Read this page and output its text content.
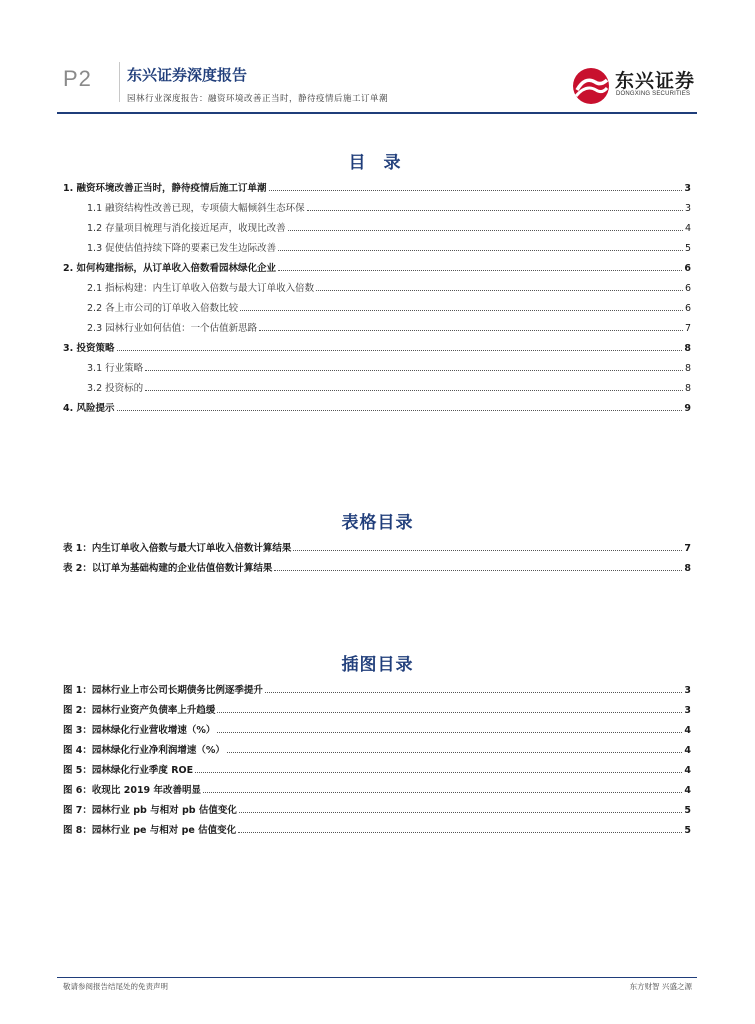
P2 东兴证券深度报告
园林行业深度报告：融资环境改善正当时，静待疫情后施工订单潮
东兴证券
DONGXING SECURITIES
目 录
1. 融资环境改善正当时，静待疫情后施工订单潮	3
1.1 融资结构性改善已现，专项债大幅倾斜生态环保	3
1.2 存量项目梳理与消化接近尾声，收现比改善	4
1.3 促使估值持续下降的要素已发生边际改善	5
2. 如何构建指标，从订单收入倍数看园林绿化企业	6
2.1 指标构建：内生订单收入倍数与最大订单收入倍数	6
2.2 各上市公司的订单收入倍数比较	6
2.3 园林行业如何估值：一个估值新思路	7
3. 投资策略	8
3.1 行业策略	8
3.2 投资标的	8
4. 风险提示	9
表格目录
表 1：内生订单收入倍数与最大订单收入倍数计算结果	7
表 2：以订单为基础构建的企业估值倍数计算结果	8
插图目录
图 1：园林行业上市公司长期债务比例逐季提升	3
图 2：园林行业资产负债率上升趋缓	3
图 3：园林绿化行业营收增速（%）	4
图 4：园林绿化行业净利润增速（%）	4
图 5：园林绿化行业季度 ROE	4
图 6：收现比 2019 年改善明显	4
图 7：园林行业 pb 与相对 pb 估值变化	5
图 8：园林行业 pe 与相对 pe 估值变化	5
敬请参阅报告结尾处的免责声明	东方财智 兴盛之源
